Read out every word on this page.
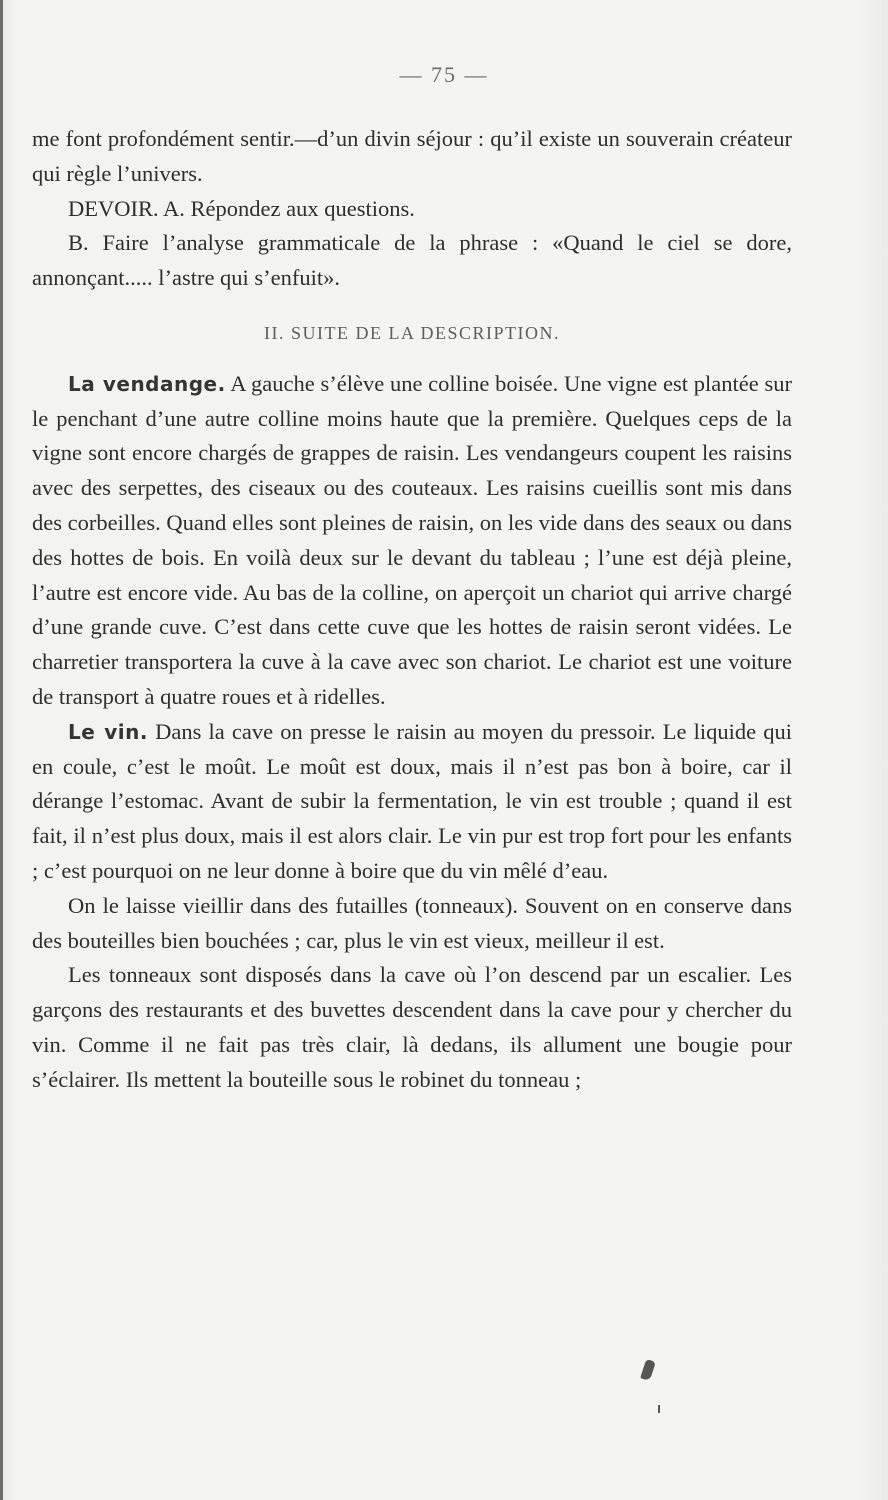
— 75 —

me font profondément sentir.—d’un divin séjour : qu’il existe un souverain créateur qui règle l’univers.

DEVOIR. A. Répondez aux questions.

B. Faire l’analyse grammaticale de la phrase : «Quand le ciel se dore, annonçant..... l’astre qui s’enfuit».

II. SUITE DE LA DESCRIPTION.

La vendange. A gauche s’élève une colline boisée. Une vigne est plantée sur le penchant d’une autre colline moins haute que la première. Quelques ceps de la vigne sont encore chargés de grappes de raisin. Les vendangeurs coupent les raisins avec des serpettes, des ciseaux ou des couteaux. Les raisins cueillis sont mis dans des corbeilles. Quand elles sont pleines de raisin, on les vide dans des seaux ou dans des hottes de bois. En voilà deux sur le devant du tableau ; l’une est déjà pleine, l’autre est encore vide. Au bas de la colline, on aperçoit un chariot qui arrive chargé d’une grande cuve. C’est dans cette cuve que les hottes de raisin seront vidées. Le charretier transportera la cuve à la cave avec son chariot. Le chariot est une voiture de transport à quatre roues et à ridelles.

Le vin. Dans la cave on presse le raisin au moyen du pressoir. Le liquide qui en coule, c’est le moût. Le moût est doux, mais il n’est pas bon à boire, car il dérange l’estomac. Avant de subir la fermentation, le vin est trouble ; quand il est fait, il n’est plus doux, mais il est alors clair. Le vin pur est trop fort pour les enfants ; c’est pourquoi on ne leur donne à boire que du vin mêlé d’eau.

On le laisse vieillir dans des futailles (tonneaux). Souvent on en conserve dans des bouteilles bien bouchées ; car, plus le vin est vieux, meilleur il est.

Les tonneaux sont disposés dans la cave où l’on descend par un escalier. Les garçons des restaurants et des buvettes descendent dans la cave pour y chercher du vin. Comme il ne fait pas très clair, là dedans, ils allument une bougie pour s’éclairer. Ils mettent la bouteille sous le robinet du tonneau ;
